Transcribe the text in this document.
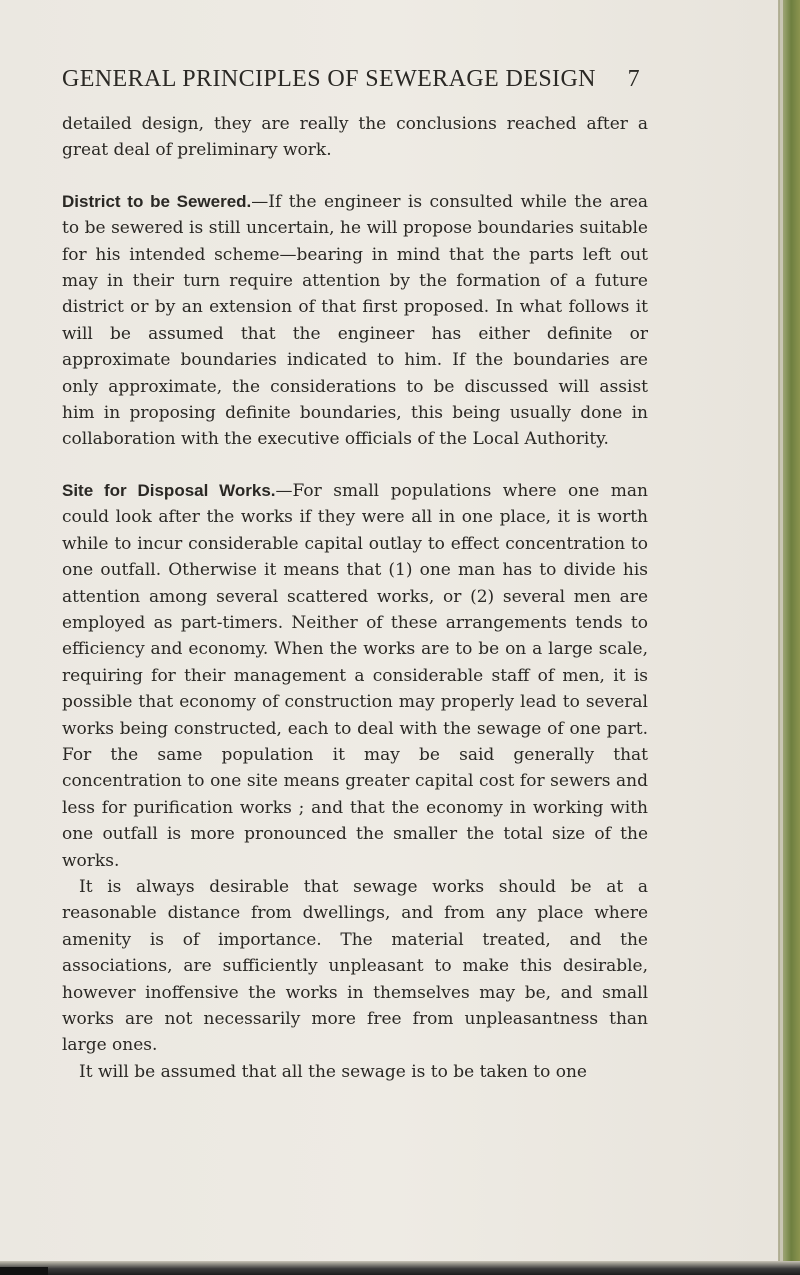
GENERAL PRINCIPLES OF SEWERAGE DESIGN 7

detailed design, they are really the conclusions reached after a great deal of preliminary work.

District to be Sewered.—If the engineer is consulted while the area to be sewered is still uncertain, he will propose boundaries suitable for his intended scheme—bearing in mind that the parts left out may in their turn require attention by the formation of a future district or by an extension of that first proposed. In what follows it will be assumed that the engineer has either definite or approximate boundaries indicated to him. If the boundaries are only approximate, the considerations to be discussed will assist him in proposing definite boundaries, this being usually done in collaboration with the executive officials of the Local Authority.

Site for Disposal Works.—For small populations where one man could look after the works if they were all in one place, it is worth while to incur considerable capital outlay to effect concentration to one outfall. Otherwise it means that (1) one man has to divide his attention among several scattered works, or (2) several men are employed as part-timers. Neither of these arrangements tends to efficiency and economy. When the works are to be on a large scale, requiring for their management a considerable staff of men, it is possible that economy of construction may properly lead to several works being constructed, each to deal with the sewage of one part. For the same population it may be said generally that concentration to one site means greater capital cost for sewers and less for purification works ; and that the economy in working with one outfall is more pronounced the smaller the total size of the works.

It is always desirable that sewage works should be at a reasonable distance from dwellings, and from any place where amenity is of importance. The material treated, and the associations, are sufficiently unpleasant to make this desirable, however inoffensive the works in themselves may be, and small works are not necessarily more free from unpleasantness than large ones.

It will be assumed that all the sewage is to be taken to one
